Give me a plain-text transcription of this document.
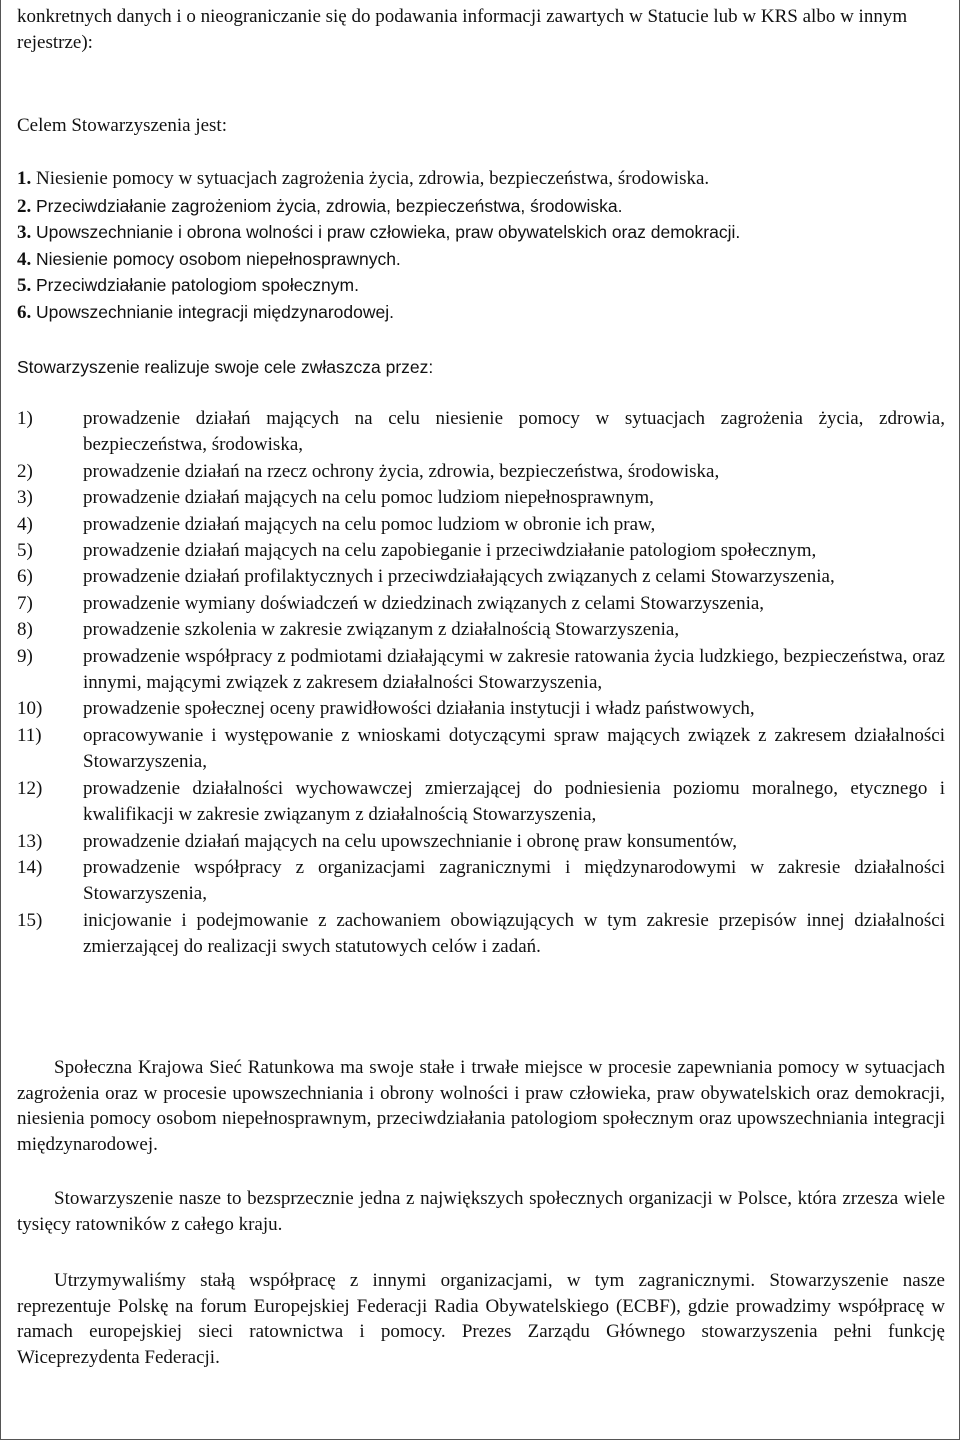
konkretnych danych i o nieograniczanie się do podawania informacji zawartych w Statucie lub w KRS albo w innym rejestrze):
Celem Stowarzyszenia jest:
1. Niesienie pomocy w sytuacjach zagrożenia życia, zdrowia, bezpieczeństwa, środowiska.
2. Przeciwdziałanie zagrożeniom życia, zdrowia, bezpieczeństwa, środowiska.
3. Upowszechnianie i obrona wolności i praw człowieka, praw obywatelskich oraz demokracji.
4. Niesienie pomocy osobom niepełnosprawnych.
5. Przeciwdziałanie patologiom społecznym.
6. Upowszechnianie integracji międzynarodowej.
Stowarzyszenie realizuje swoje cele zwłaszcza przez:
1)	prowadzenie działań mających na celu niesienie pomocy w sytuacjach zagrożenia życia, zdrowia, bezpieczeństwa, środowiska,
2)	prowadzenie działań na rzecz ochrony życia, zdrowia, bezpieczeństwa, środowiska,
3)	prowadzenie działań mających na celu pomoc ludziom niepełnosprawnym,
4)	prowadzenie działań mających na celu pomoc ludziom w obronie ich praw,
5)	prowadzenie działań mających na celu zapobieganie i przeciwdziałanie patologiom społecznym,
6)	prowadzenie działań profilaktycznych i przeciwdziałających związanych z celami Stowarzyszenia,
7)	prowadzenie wymiany doświadczeń w dziedzinach związanych z celami Stowarzyszenia,
8)	prowadzenie szkolenia w zakresie związanym z działalnością Stowarzyszenia,
9)	prowadzenie współpracy z podmiotami działającymi w zakresie ratowania życia ludzkiego, bezpieczeństwa, oraz innymi, mającymi związek z zakresem działalności Stowarzyszenia,
10)	prowadzenie społecznej oceny prawidłowości działania instytucji i władz państwowych,
11)	opracowywanie i występowanie z wnioskami dotyczącymi spraw mających związek z zakresem działalności Stowarzyszenia,
12)	prowadzenie działalności wychowawczej zmierzającej do podniesienia poziomu moralnego, etycznego i kwalifikacji w zakresie związanym z działalnością Stowarzyszenia,
13)	prowadzenie działań mających na celu upowszechnianie i obronę praw konsumentów,
14)	prowadzenie współpracy z organizacjami zagranicznymi i międzynarodowymi w zakresie działalności Stowarzyszenia,
15)	inicjowanie i podejmowanie z zachowaniem obowiązujących w tym zakresie przepisów innej działalności zmierzającej do realizacji swych statutowych celów i zadań.

Społeczna Krajowa Sieć Ratunkowa ma swoje stałe i trwałe miejsce w procesie zapewniania pomocy w sytuacjach zagrożenia oraz w procesie upowszechniania i obrony wolności i praw człowieka, praw obywatelskich oraz demokracji, niesienia pomocy osobom niepełnosprawnym, przeciwdziałania patologiom społecznym oraz upowszechniania integracji międzynarodowej.

Stowarzyszenie nasze to bezsprzecznie jedna z największych społecznych organizacji w Polsce, która zrzesza wiele tysięcy ratowników z całego kraju.

Utrzymywaliśmy stałą współpracę z innymi organizacjami, w tym zagranicznymi. Stowarzyszenie nasze reprezentuje Polskę na forum Europejskiej Federacji Radia Obywatelskiego (ECBF), gdzie prowadzimy współpracę w ramach europejskiej sieci ratownictwa i pomocy. Prezes Zarządu Głównego stowarzyszenia pełni funkcję Wiceprezydenta Federacji.
